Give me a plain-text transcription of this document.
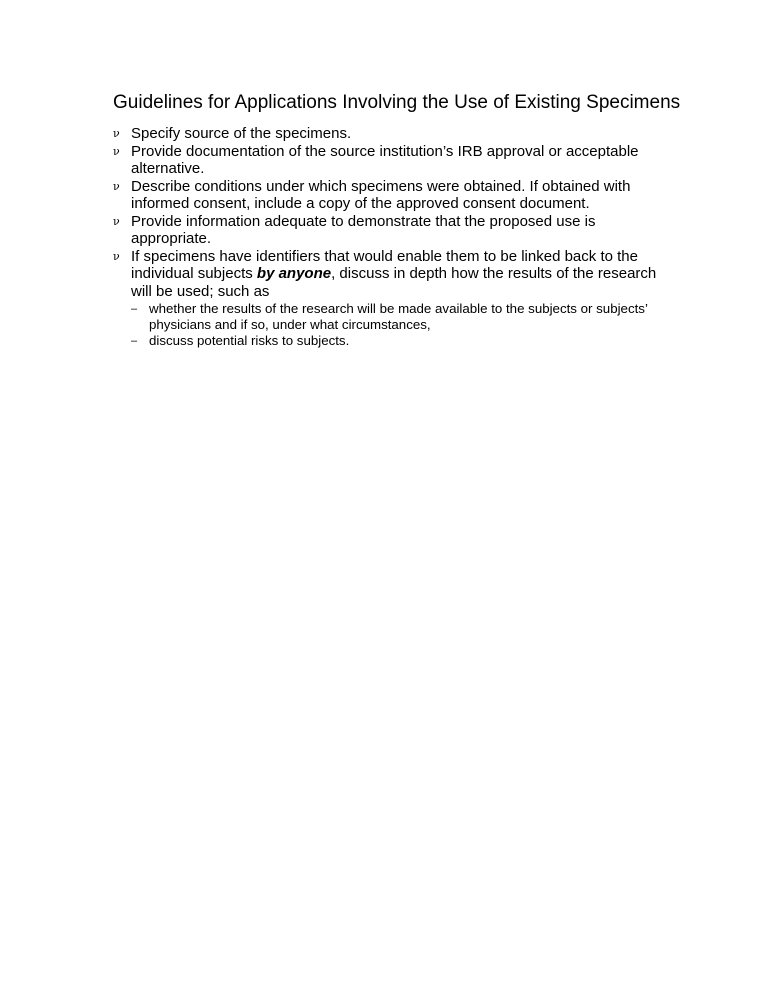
Guidelines for Applications Involving the Use of Existing Specimens
ν Specify source of the specimens.
ν Provide documentation of the source institution’s IRB approval or acceptable alternative.
ν Describe conditions under which specimens were obtained. If obtained with informed consent, include a copy of the approved consent document.
ν Provide information adequate to demonstrate that the proposed use is appropriate.
ν If specimens have identifiers that would enable them to be linked back to the individual subjects by anyone, discuss in depth how the results of the research will be used; such as
– whether the results of the research will be made available to the subjects or subjects’ physicians and if so, under what circumstances,
– discuss potential risks to subjects.
